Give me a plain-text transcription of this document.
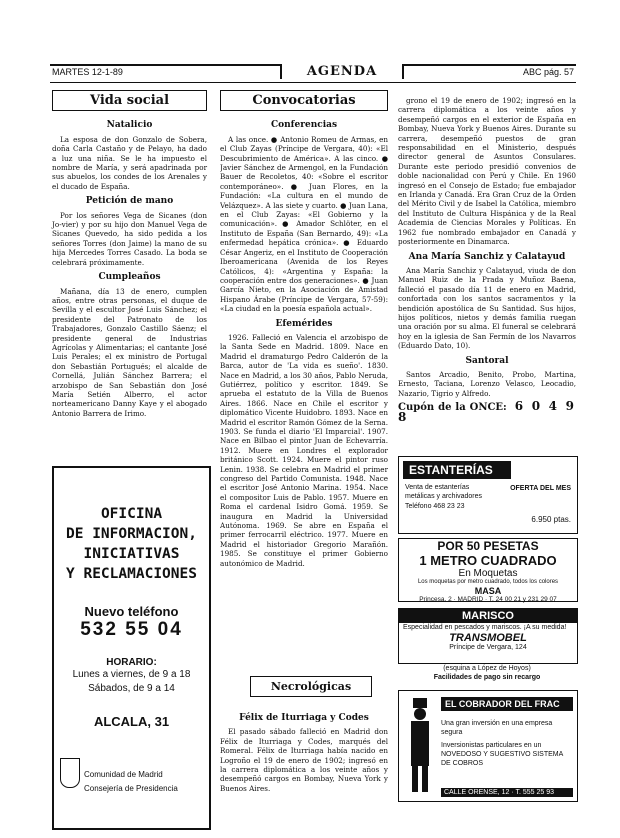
MARTES 12-1-89	AGENDA	ABC pág. 57
Vida social
Natalicio

La esposa de don Gonzalo de Sobera, doña Carla Castaño y de Pelayo, ha dado a luz una niña. Se le ha impuesto el nombre de María, y será apadrinada por sus abuelos, los condes de los Arenales y el ducado de España.

Petición de mano

Por los señores Vega de Sicanes (don Jo-vier) y por su hijo don Manuel Vega de Sicanes Quevedo, ha sido pedida a los señores Torres (don Jaime) la mano de su hija Mercedes Torres Casado. La boda se celebrará próximamente.

Cumpleaños

Mañana, día 13 de enero, cumplen años, entre otras personas, el duque de Sevilla y el escultor José Luis Sánchez; el presidente del Patronato de los Trabajadores, Gonzalo Castillo Sáenz; el presidente general de Industrias Agrícolas y Alimentarias; el cantante José Luis Perales; el ex ministro de Portugal don Sebastián Portugués; el alcalde de Cornellá, Julián Sánchez Barrera; el arzobispo de San Sebastián don José María Setién Alberro, el actor norteamericano Danny Kaye y el abogado Antonio Barrera de Irimo.

OFICINA
DE INFORMACION,
INICIATIVAS
Y RECLAMACIONES
Nuevo teléfono
532 55 04
HORARIO:
Lunes a viernes, de 9 a 18
Sábados, de 9 a 14
ALCALA, 31
Comunidad de Madrid
Consejería de Presidencia
Convocatorias
Conferencias

A las once. ● Antonio Romeu de Armas, en el Club Zayas (Príncipe de Vergara, 40): «El Descubrimiento de América». A las cinco. ● Javier Sánchez de Armengol, en la Fundación Bauer de Recoletos, 40: «Sobre el escritor contemporáneo». ● Juan Flores, en la Fundación: «La cultura en el mundo de Velázquez». A las siete y cuarto. ● Juan Lana, en el Club Zayas: «El Gobierno y la comunicación». ● Amador Schlöter, en el Instituto de España (San Bernardo, 49): «La enfermedad hepática crónica». ● Eduardo César Angeriz, en el Instituto de Cooperación Iberoamericana (Avenida de los Reyes Católicos, 4): «Argentina y España: la cooperación entre dos generaciones». ● Juan García Nieto, en la Asociación de Amistad Hispano Árabe (Príncipe de Vergara, 57-59): «La ciudad en la poesía española actual».

Efemérides

1926. Falleció en Valencia el arzobispo de la Santa Sede en Madrid. 1809. Nace en Madrid el dramaturgo Pedro Calderón de la Barca, autor de 'La vida es sueño'. 1830. Nace en Madrid, a los 30 años, Pablo Neruda, Gutiérrez, político y escritor. 1849. Se aprueba el estatuto de la Villa de Buenos Aires. 1866. Nace en Chile el escritor y diplomático Vicente Huidobro. 1893. Nace en Madrid el escritor Ramón Gómez de la Serna. 1903. Se funda el diario 'El Imparcial'. 1907. Nace en Bilbao el pintor Juan de Echevarría. 1912. Muere en Londres el explorador británico Scott. 1924. Muere el pintor ruso Lenin. 1938. Se celebra en Madrid el primer congreso del Partido Comunista. 1948. Nace el escritor José Antonio Marina. 1954. Nace el compositor Luis de Pablo. 1957. Muere en Roma el cardenal Isidro Gomá. 1959. Se inaugura en Madrid la Universidad Autónoma. 1969. Se abre en España el primer ferrocarril eléctrico. 1977. Muere en Madrid el historiador Gregorio Marañón. 1985. Se constituye el primer Gobierno autonómico de Madrid.

Necrológicas
Félix de Iturriaga y Codes

El pasado sábado falleció en Madrid don Félix de Iturriaga y Codes, marqués del Romeral. Félix de Iturriaga había nacido en Logroño el 19 de enero de 1902; ingresó en la carrera diplomática a los veinte años y desempeñó cargos en Bombay, Nueva York y Buenos Aires.

grono el 19 de enero de 1902; ingresó en la carrera diplomática a los veinte años y desempeñó cargos en el exterior de España en Bombay, Nueva York y Buenos Aires. Durante su carrera, desempeñó puestos de gran responsabilidad en el Ministerio, después director general de Asuntos Consulares. Durante este periodo presidió convenios de doble nacionalidad con Perú y Chile. En 1960 ingresó en el Consejo de Estado; fue embajador en Irlanda y Canadá. Era Gran Cruz de la Orden del Mérito Civil y de Isabel la Católica, miembro del Instituto de Cultura Hispánica y de la Real Academia de Ciencias Morales y Políticas. En 1962 fue nombrado embajador en Canadá y posteriormente en Dinamarca.

Ana María Sanchiz y Calatayud

Ana María Sanchiz y Calatayud, viuda de don Manuel Ruiz de la Prada y Muñoz Baena, falleció el pasado día 11 de enero en Madrid, confortada con los santos sacramentos y la bendición apostólica de Su Santidad. Sus hijos, hijos políticos, nietos y demás familia ruegan una oración por su alma. El funeral se celebrará hoy en la iglesia de San Fermín de los Navarros (Eduardo Dato, 10).

Santoral

Santos Arcadio, Benito, Probo, Martina, Ernesto, Taciana, Lorenzo Velasco, Leocadio, Nazario, Tigrio y Alfredo.

Cupón de la ONCE: 6 0 4 9 8
ESTANTERÍAS
Venta de estanterías metálicas y archivadores
Teléfono 468 23 23
OFERTA DEL MES
6.950 ptas.
POR 50 PESETAS
1 METRO CUADRADO
En Moquetas
Los moquetas por metro cuadrado, todos los colores
MASA
Princesa, 2 · MADRID · T. 24 00 21 y 231 29 07
MARISCO
Especialidad en pescados y mariscos. ¡A su medida!
TRANSMOBEL
Príncipe de Vergara, 124
(esquina a López de Hoyos)
Facilidades de pago sin recargo
EL COBRADOR DEL FRAC
Una gran inversión en una empresa segura
Inversionistas particulares en un NOVEDOSO Y SUGESTIVO SISTEMA DE COBROS
CALLE ORENSE, 12 · T. 555 25 93
